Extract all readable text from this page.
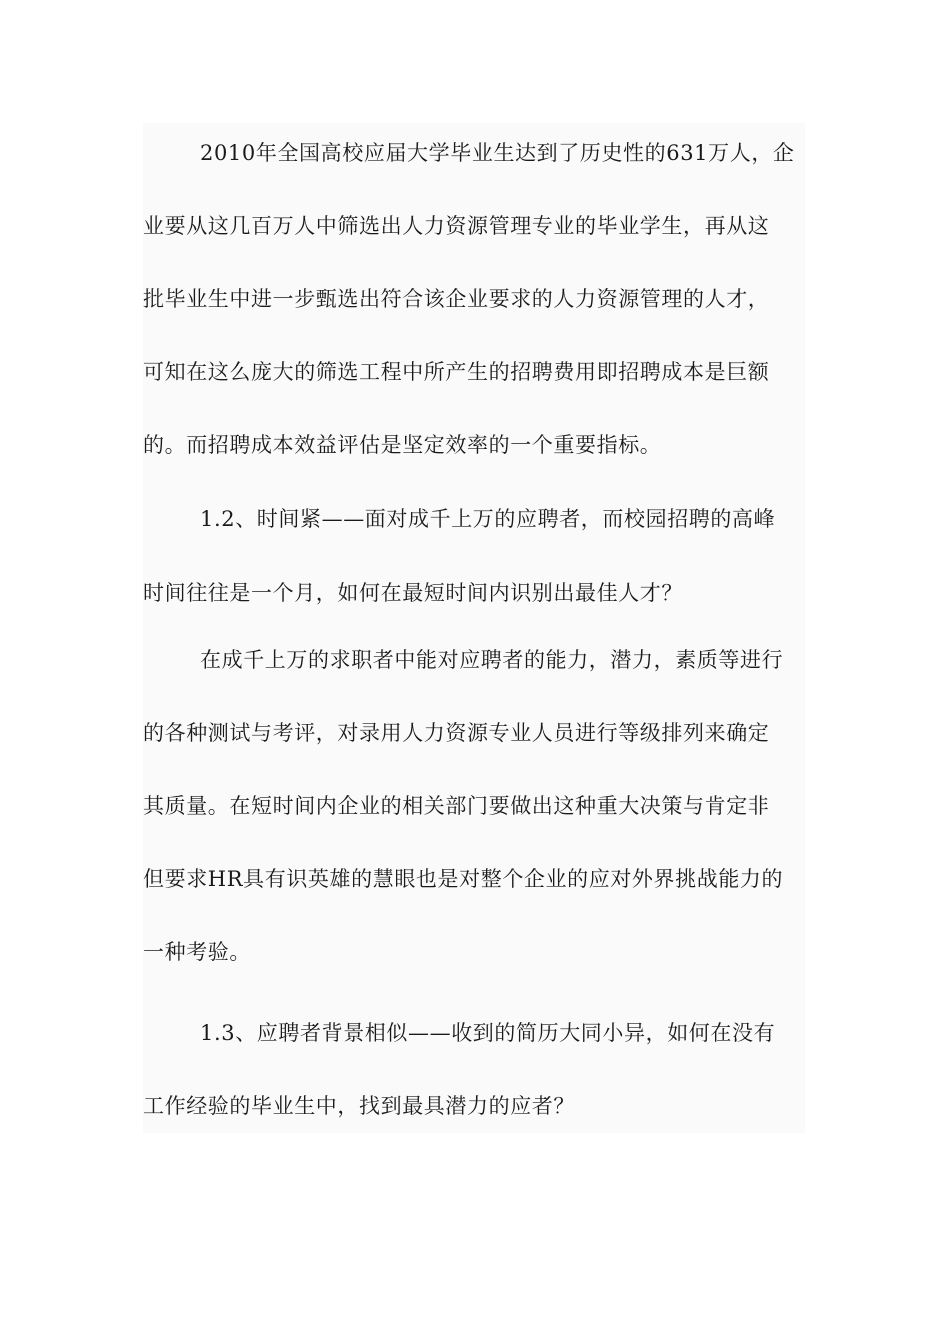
2010年全国高校应届大学毕业生达到了历史性的631万人，企
业要从这几百万人中筛选出人力资源管理专业的毕业学生，再从这
批毕业生中进一步甄选出符合该企业要求的人力资源管理的人才，
可知在这么庞大的筛选工程中所产生的招聘费用即招聘成本是巨额
的。而招聘成本效益评估是坚定效率的一个重要指标。
1.2、时间紧——面对成千上万的应聘者，而校园招聘的高峰
时间往往是一个月，如何在最短时间内识别出最佳人才？
在成千上万的求职者中能对应聘者的能力，潜力，素质等进行
的各种测试与考评，对录用人力资源专业人员进行等级排列来确定
其质量。在短时间内企业的相关部门要做出这种重大决策与肯定非
但要求HR具有识英雄的慧眼也是对整个企业的应对外界挑战能力的
一种考验。
1.3、应聘者背景相似——收到的简历大同小异，如何在没有
工作经验的毕业生中，找到最具潜力的应者？
